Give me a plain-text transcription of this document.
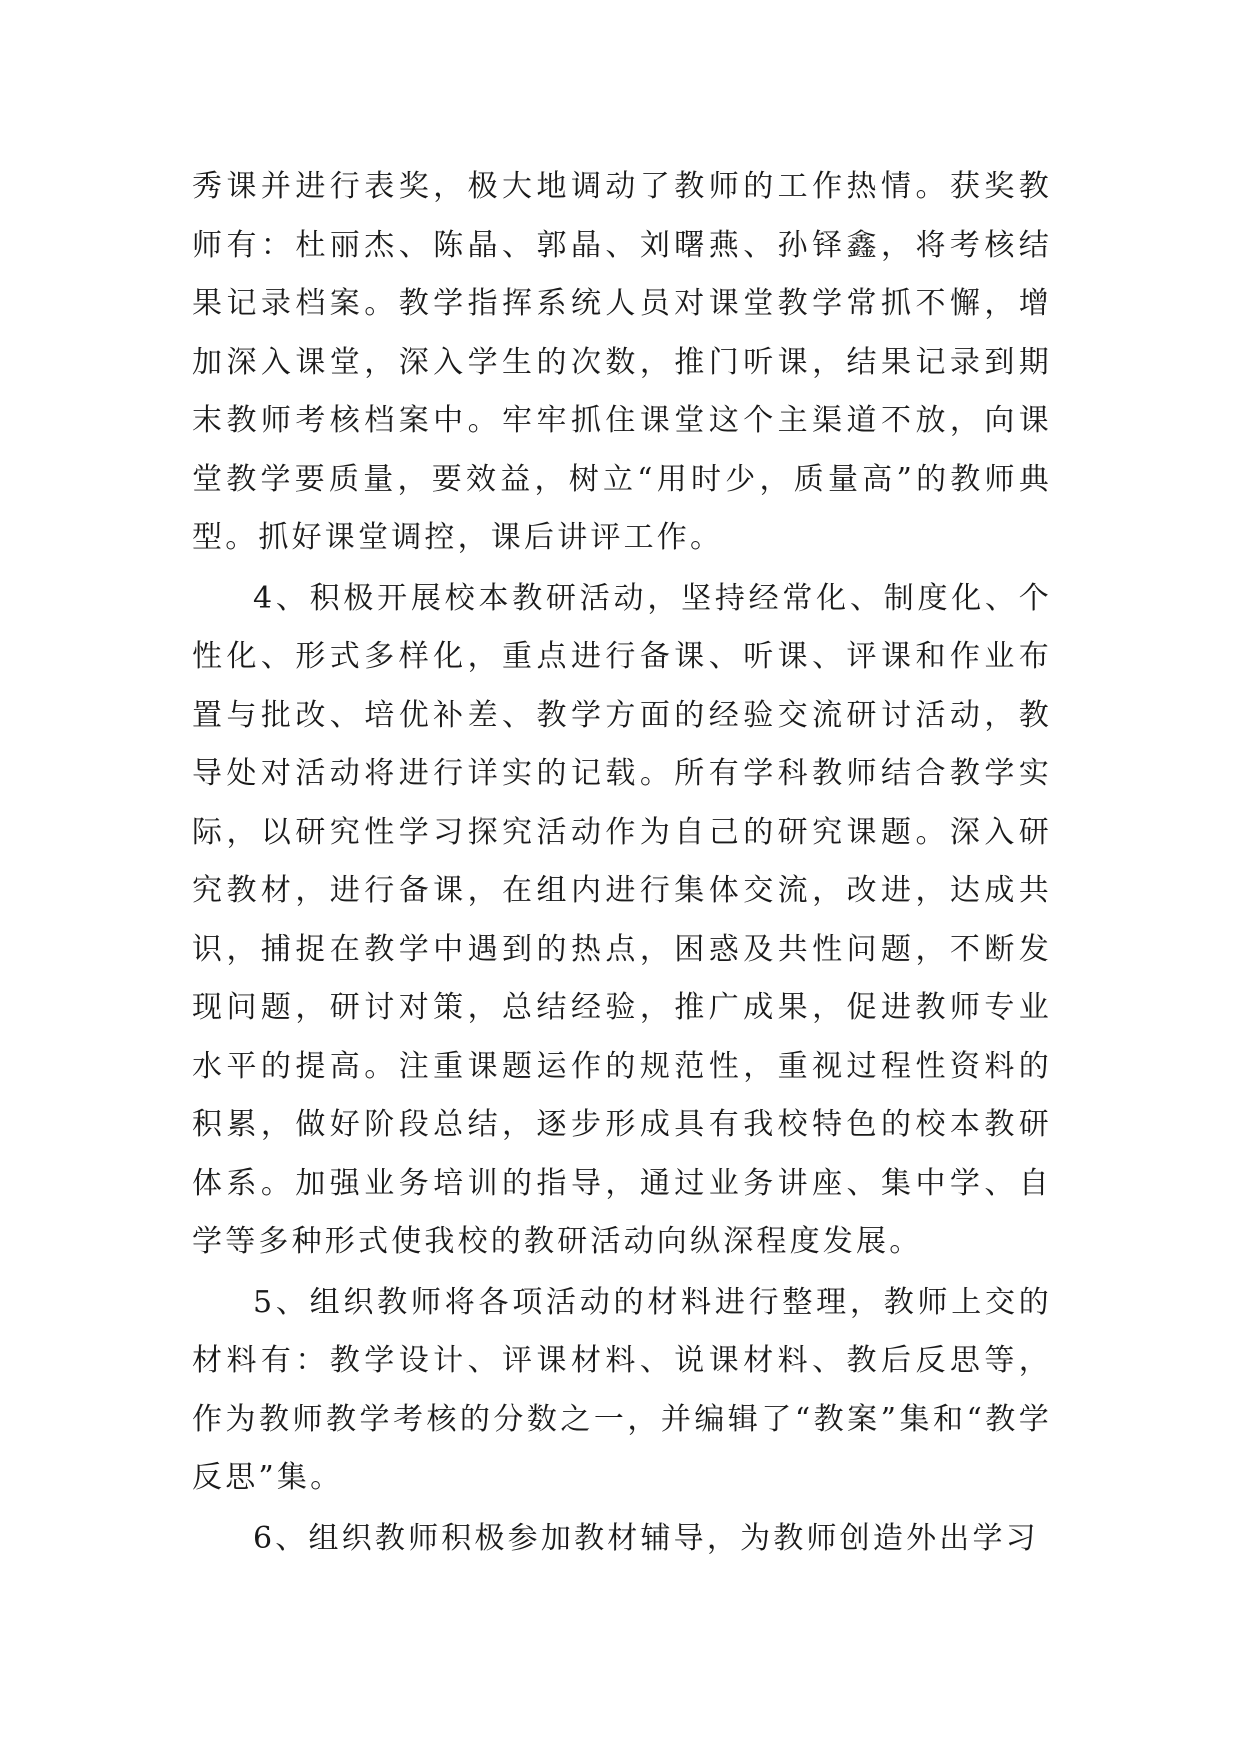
秀课并进行表奖，极大地调动了教师的工作热情。获奖教师有：杜丽杰、陈晶、郭晶、刘曙燕、孙铎鑫，将考核结果记录档案。教学指挥系统人员对课堂教学常抓不懈，增加深入课堂，深入学生的次数，推门听课，结果记录到期末教师考核档案中。牢牢抓住课堂这个主渠道不放，向课堂教学要质量，要效益，树立“用时少，质量高”的教师典型。抓好课堂调控，课后讲评工作。

4、积极开展校本教研活动，坚持经常化、制度化、个性化、形式多样化，重点进行备课、听课、评课和作业布置与批改、培优补差、教学方面的经验交流研讨活动，教导处对活动将进行详实的记载。所有学科教师结合教学实际，以研究性学习探究活动作为自己的研究课题。深入研究教材，进行备课，在组内进行集体交流，改进，达成共识，捕捉在教学中遇到的热点，困惑及共性问题，不断发现问题，研讨对策，总结经验，推广成果，促进教师专业水平的提高。注重课题运作的规范性，重视过程性资料的积累，做好阶段总结，逐步形成具有我校特色的校本教研体系。加强业务培训的指导，通过业务讲座、集中学、自学等多种形式使我校的教研活动向纵深程度发展。

5、组织教师将各项活动的材料进行整理，教师上交的材料有：教学设计、评课材料、说课材料、教后反思等，作为教师教学考核的分数之一，并编辑了“教案”集和“教学反思”集。

6、组织教师积极参加教材辅导，为教师创造外出学习
